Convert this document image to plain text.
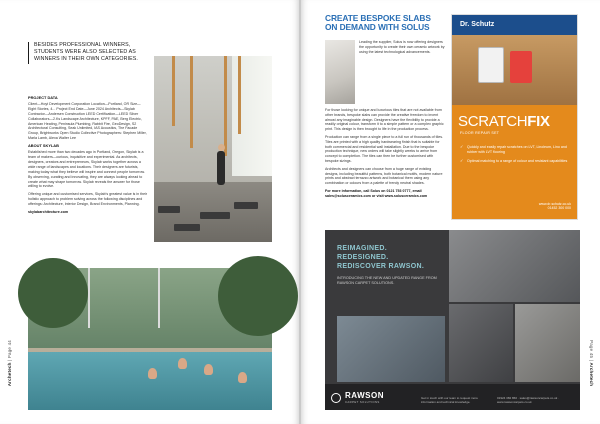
Archetech | Page 44
BESIDES PROFESSIONAL WINNERS, STUDENTS WERE ALSO SELECTED AS WINNERS IN THEIR OWN CATEGORIES.
PROJECT DATA

Client—Hoyt Development Corporation Location—Portland, OR Size—Eight Stories, 4... Project End Date—June 2024 Architects—Skylab Contractor—Andersen Construction LEED Certification—LEED Silver Collaborators—2.Ks Landscape Architecture, KPFF, PAE, Berg Electric, American Heating, Peninsula Plumbing, Rabbit Fire, GeoDesign, S2 Architectural Consulting, Seak Unlimited, IAS Acoustics, The Facade Group, Brightworks Open Studio Collective Photographers: Stephen Miller, Marla Lamb, Alexa Walter Lee

ABOUT SKYLAB

Established more than two decades ago in Portland, Oregon, Skylab is a team of makers—curious, inquisitive and experimental. As architects, designers, creators and entrepreneurs, Skylab works together across a wide range of landscapes and locations. Their designers are futurists, making today what they believe will inspire and connect people tomorrow. By observing, curating and innovating, they are always looking ahead to create what may shape tomorrow. Skylab reveals the answer for those willing to evolve.

Offering unique and customised services, Skylab's greatest value is in their holistic approach to problem solving across the following disciplines and offerings: Architecture, Interior Design, Brand Environments, Planning.

skylabarchitecture.com
Page 45 | Archetech
CREATE BESPOKE SLABS ON DEMAND WITH SOLUS

Leading the supplier, Solus is now offering designers the opportunity to create their own ceramic artwork by using the latest technological advancements.

For those looking for unique and luxurious tiles that are not available from other brands, bespoke slabs can provide the creative freedom to invent almost any imaginable design. Designers have the flexibility to provide a readily original colour, transform it to a simple pattern or a complex graphic print. This design is then brought to life in the production process.

Production can range from a single piece to a full run of thousands of tiles. Tiles are printed with a high quality hardwearing finish that is suitable for both commercial and residential wall installation. Due to the bespoke production technique, new orders will take slightly weeks to arrive from concept to completion. The tiles can then be further customised with bespoke sizings.

Architects and designers can choose from a huge range of existing designs, including beautiful patterns, both botanical motifs, modern nature prints and abstract terrazzo artwork and botanical them using any combination or colours from a palette of trendy neutral shades.

For more information, call Solus on 0121 753 0777, email sales@solusceramics.com or visit www.solusceramics.com

Dr. Schutz
SCRATCHFIX
FLOOR REPAIR SET
✓ Quickly and easily repair scratches on LVT, Linoleum, Lino and rubber with LVT flooring
✓ Optimal matching to a range of colour and resistant capabilities
www.dr-schutz.co.uk
01452 300 000
REIMAGINED.
REDESIGNED.
REDISCOVER RAWSON.
INTRODUCING THE NEW AND UPDATED RANGE FROM RAWSON CARPET SOLUTIONS.
RAWSON
CARPET SOLUTIONS
Get in touch with our team to request more information and technical knowledge.
01924 382 860 · sales@rawsoncarpets.co.uk · www.rawsoncarpets.co.uk
